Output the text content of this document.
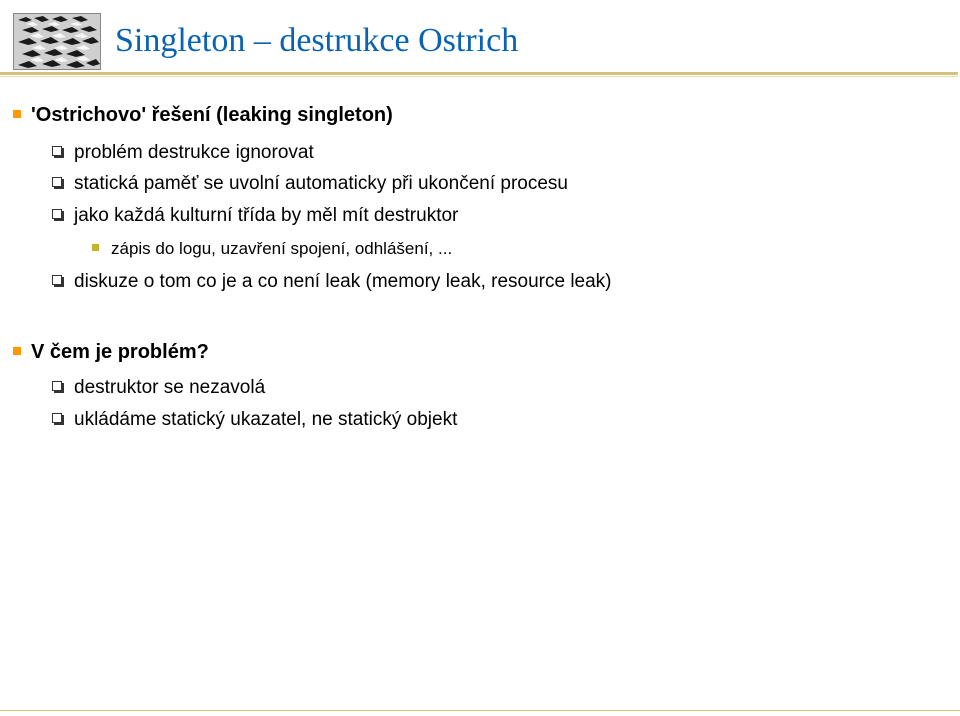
Singleton – destrukce Ostrich
'Ostrichovo' řešení (leaking singleton)
problém destrukce ignorovat
statická paměť se uvolní automaticky při ukončení procesu
jako každá kulturní třída by měl mít destruktor
zápis do logu, uzavření spojení, odhlášení, ...
diskuze o tom co je a co není leak (memory leak, resource leak)
V čem je problém?
destruktor se nezavolá
ukládáme statický ukazatel, ne statický objekt
